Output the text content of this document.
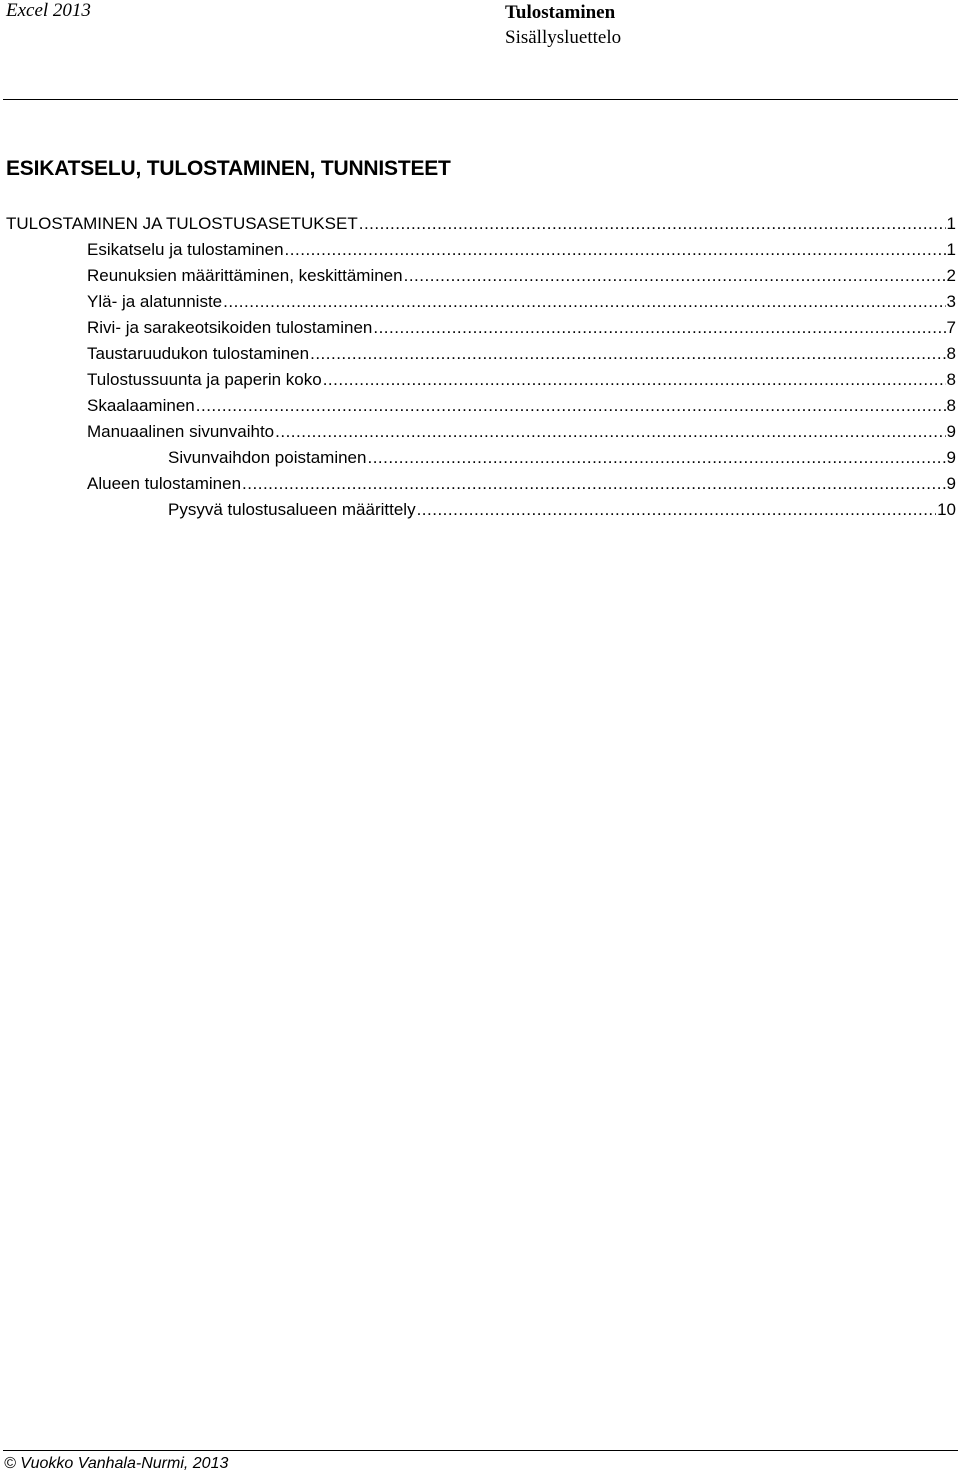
Excel 2013	Tulostaminen
Sisällysluettelo
ESIKATSELU, TULOSTAMINEN, TUNNISTEET
TULOSTAMINEN JA TULOSTUSASETUKSET .....	1
Esikatselu ja tulostaminen .....	1
Reunuksien määrittäminen, keskittäminen .....	2
Ylä- ja alatunniste .....	3
Rivi- ja sarakeotsikoiden tulostaminen .....	7
Taustaruudukon tulostaminen .....	8
Tulostussuunta ja paperin koko .....	8
Skaalaaminen .....	8
Manuaalinen sivunvaihto .....	9
Sivunvaihdon poistaminen .....	9
Alueen tulostaminen .....	9
Pysyvä tulostusalueen määrittely .....	10
© Vuokko Vanhala-Nurmi, 2013
